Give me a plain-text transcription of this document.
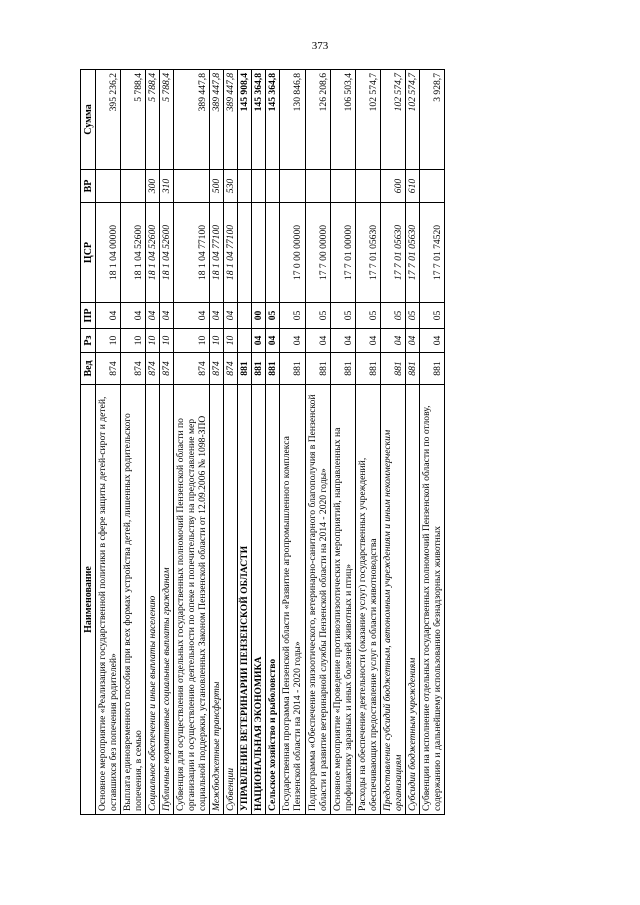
373
Наименование	Вед	Рз	ПР	ЦСР	ВР	Сумма
Основное мероприятие «Реализация государственной политики в сфере защиты детей-сирот и детей, оставшихся без попечения родителей»	874	10	04	18 1 04 00000		395 236,2
Выплата единовременного пособия при всех формах устройства детей, лишенных родительского попечения, в семью	874	10	04	18 1 04 52600		5 788,4
Социальное обеспечение и иные выплаты населению	874	10	04	18 1 04 52600	300	5 788,4
Публичные нормативные социальные выплаты гражданам	874	10	04	18 1 04 52600	310	5 788,4
Субвенция для осуществления отдельных государственных полномочий Пензенской области по организации и осуществлению деятельности по опеке и попечительству на предоставление мер социальной поддержки, установленных Законом Пензенской области от 12.09.2006 № 1098-ЗПО	874	10	04	18 1 04 77100		389 447,8
Межбюджетные трансферты	874	10	04	18 1 04 77100	500	389 447,8
Субвенции	874	10	04	18 1 04 77100	530	389 447,8
УПРАВЛЕНИЕ ВЕТЕРИНАРИИ ПЕНЗЕНСКОЙ ОБЛАСТИ	881					145 908,4
НАЦИОНАЛЬНАЯ ЭКОНОМИКА	881	04	00			145 364,8
Сельское хозяйство и рыболовство	881	04	05			145 364,8
Государственная программа Пензенской области «Развитие агропромышленного комплекса Пензенской области на 2014 - 2020 годы»	881	04	05	17 0 00 00000		130 846,8
Подпрограмма «Обеспечение эпизоотического, ветеринарно-санитарного благополучия в Пензенской области и развитие ветеринарной службы Пензенской области на 2014 - 2020 годы»	881	04	05	17 7 00 00000		126 208,6
Основное мероприятие «Проведение противоэпизоотических мероприятий, направленных на профилактику заразных и иных болезней животных и птиц»	881	04	05	17 7 01 00000		106 503,4
Расходы на обеспечение деятельности (оказание услуг) государственных учреждений, обеспечивающих предоставление услуг в области животноводства	881	04	05	17 7 01 05630		102 574,7
Предоставление субсидий бюджетным, автономным учреждениям и иным некоммерческим организациям	881	04	05	17 7 01 05630	600	102 574,7
Субсидии бюджетным учреждениям	881	04	05	17 7 01 05630	610	102 574,7
Субвенции на исполнение отдельных государственных полномочий Пензенской области по отлову, содержанию и дальнейшему использованию безнадзорных животных	881	04	05	17 7 01 74520		3 928,7
